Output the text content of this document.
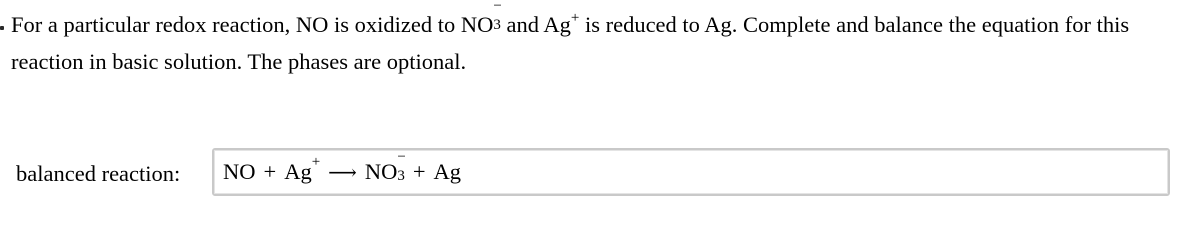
For a particular redox reaction, NO is oxidized to NO
−
3 and Ag+ is reduced to Ag. Complete and balance the equation for this reaction in basic solution. The phases are optional.
balanced reaction:	NO + Ag + ⟶ NO
−
3 + Ag
